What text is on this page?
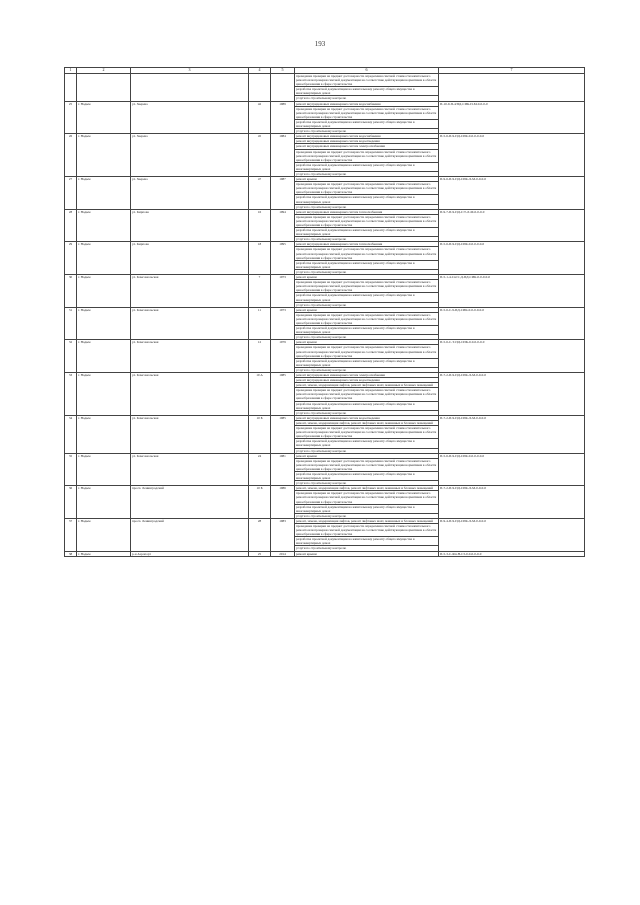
193
1	2	3	4	5	6	7
					проведение проверки на предмет достоверности определения сметной стоимости капитального ремонта или проверки сметной документации на соответствие действующим нормативам в области ценообразования в сфере строительства	
					разработка проектной документации на капитальному ремонту общего имущества в многоквартирных домах	
					услуги по строительному контролю	
25	г. Надым	ул. Зверева	42	1989	ремонт внутридомовых инженерных систем водоснабжения	П-10-9-П-4/ПД-СИК-П-М-0-0-0-0
					проведение проверки на предмет достоверности определения сметной стоимости капитального ремонта или проверки сметной документации на соответствие действующим нормативам в области ценообразования в сфере строительства	
					разработка проектной документации на капитальному ремонту общего имущества в многоквартирных домах	
					услуги по строительному контролю	
26	г. Надым	ул. Зверева	45	1984	ремонт внутридомовых инженерных систем водоснабжения	П-5-6-П-9-ПД-СИК-0-0-0-0-0-0
					ремонт внутридомовых инженерных систем водоотведения	
					ремонт внутридомовых инженерных систем электроснабжения	
					проведение проверки на предмет достоверности определения сметной стоимости капитального ремонта или проверки сметной документации на соответствие действующим нормативам в области ценообразования в сфере строительства	
					разработка проектной документации на капитальному ремонту общего имущества в многоквартирных домах	
					услуги по строительному контролю	
27	г. Надым	ул. Зверева	47	1987	ремонт крыши	П-9-6-П-9-ПД-СИК-Л-М-0-0-0-0
					проведение проверки на предмет достоверности определения сметной стоимости капитального ремонта или проверки сметной документации на соответствие действующим нормативам в области ценообразования в сфере строительства	
					разработка проектной документации на капитальному ремонту общего имущества в многоквартирных домах	
					услуги по строительному контролю	
28	г. Надым	ул. Кирпова	16	1994	ремонт внутридомовых инженерных систем теплоснабжения	П-9-7-П-9-ПД-С/Т-Л-М-0-0-0-0
					проведение проверки на предмет достоверности определения сметной стоимости капитального ремонта или проверки сметной документации на соответствие действующим нормативам в области ценообразования в сфере строительства	
					разработка проектной документации на капитальному ремонту общего имущества в многоквартирных домах	
					услуги по строительному контролю	
29	г. Надым	ул. Кирпова	18	1995	ремонт внутридомовых инженерных систем теплоснабжения	П-5-6-П-9-ПД-СИК-0-0-0-0-0-0
					проведение проверки на предмет достоверности определения сметной стоимости капитального ремонта или проверки сметной документации на соответствие действующим нормативам в области ценообразования в сфере строительства	
					разработка проектной документации на капитальному ремонту общего имущества в многоквартирных домах	
					услуги по строительному контролю	
30	г. Надым	ул. Комсомольская	7	1973	ремонт крыши	П-5-1-4-С4/ст-Д-ПД-СИК-0-0-0-0-0
					проведение проверки на предмет достоверности определения сметной стоимости капитального ремонта или проверки сметной документации на соответствие действующим нормативам в области ценообразования в сфере строительства	
					разработка проектной документации на капитальному ремонту общего имущества в многоквартирных домах	
					услуги по строительному контролю	
31	г. Надым	ул. Комсомольская	11	1973	ремонт крыши	П-5-6-С-9-ПД-СИК-0-0-0-0-0-0
					проведение проверки на предмет достоверности определения сметной стоимости капитального ремонта или проверки сметной документации на соответствие действующим нормативам в области ценообразования в сфере строительства	
					разработка проектной документации на капитальному ремонту общего имущества в многоквартирных домах	
					услуги по строительному контролю	
32	г. Надым	ул. Комсомольская	12	1979	ремонт крыши	П-5-6-С-Т-ПД-СИК-0-0-0-0-0-0
					проведение проверки на предмет достоверности определения сметной стоимости капитального ремонта или проверки сметной документации на соответствие действующим нормативам в области ценообразования в сфере строительства	
					разработка проектной документации на капитальному ремонту общего имущества в многоквартирных домах	
					услуги по строительному контролю	
33	г. Надым	ул. Комсомольская	10 А	1985	ремонт внутридомовых инженерных систем электроснабжения	П-7-2-П-9-ПД-СИК-Л-М-0-0-0-0
					ремонт внутридомовых инженерных систем водоотведения	
					ремонт, замена, модернизация лифтов, ремонт лифтовых шахт, машинных и блочных помещений	
					проведение проверки на предмет достоверности определения сметной стоимости капитального ремонта или проверки сметной документации на соответствие действующим нормативам в области ценообразования в сфере строительства	
					разработка проектной документации на капитальному ремонту общего имущества в многоквартирных домах	
					услуги по строительному контролю	
34	г. Надым	ул. Комсомольская	10 Б	1985	ремонт внутридомовых инженерных систем водоотведения	П-7-2-П-9-ПД-СИК-Л-М-0-0-0-0
					ремонт, замена, модернизация лифтов, ремонт лифтовых шахт, машинных и блочных помещений	
					проведение проверки на предмет достоверности определения сметной стоимости капитального ремонта или проверки сметной документации на соответствие действующим нормативам в области ценообразования в сфере строительства	
					разработка проектной документации на капитальному ремонту общего имущества в многоквартирных домах	
					услуги по строительному контролю	
35	г. Надым	ул. Комсомольская	24	1981	ремонт крыши	П-5-6-П-9-ПД-СИК-0-0-0-0-0-0
					проведение проверки на предмет достоверности определения сметной стоимости капитального ремонта или проверки сметной документации на соответствие действующим нормативам в области ценообразования в сфере строительства	
					разработка проектной документации на капитальному ремонту общего имущества в многоквартирных домах	
					услуги по строительному контролю	
36	г. Надым	просп. Ленинградский	10 Б	1986	ремонт, замена, модернизация лифтов, ремонт лифтовых шахт, машинных и блочных помещений	П-7-2-П-9-ПД-СИК-Л-М-0-0-0-0
					проведение проверки на предмет достоверности определения сметной стоимости капитального ремонта или проверки сметной документации на соответствие действующим нормативам в области ценообразования в сфере строительства	
					разработка проектной документации на капитальному ремонту общего имущества в многоквартирных домах	
					услуги по строительному контролю	
37	г. Надым	просп. Ленинградский	28	1983	ремонт, замена, модернизация лифтов, ремонт лифтовых шахт, машинных и блочных помещений	П-9-4-П-9-ПД-СИК-Л-М-0-0-0-0
					проведение проверки на предмет достоверности определения сметной стоимости капитального ремонта или проверки сметной документации на соответствие действующим нормативам в области ценообразования в сфере строительства	
					разработка проектной документации на капитальному ремонту общего имущества в многоквартирных домах	
					услуги по строительному контролю	
38	г. Надым	р-н Аэропорт	25	2014	ремонт крыши	П-5-3-С-Ф4-Н-С3-0-0-0-0-0-0
